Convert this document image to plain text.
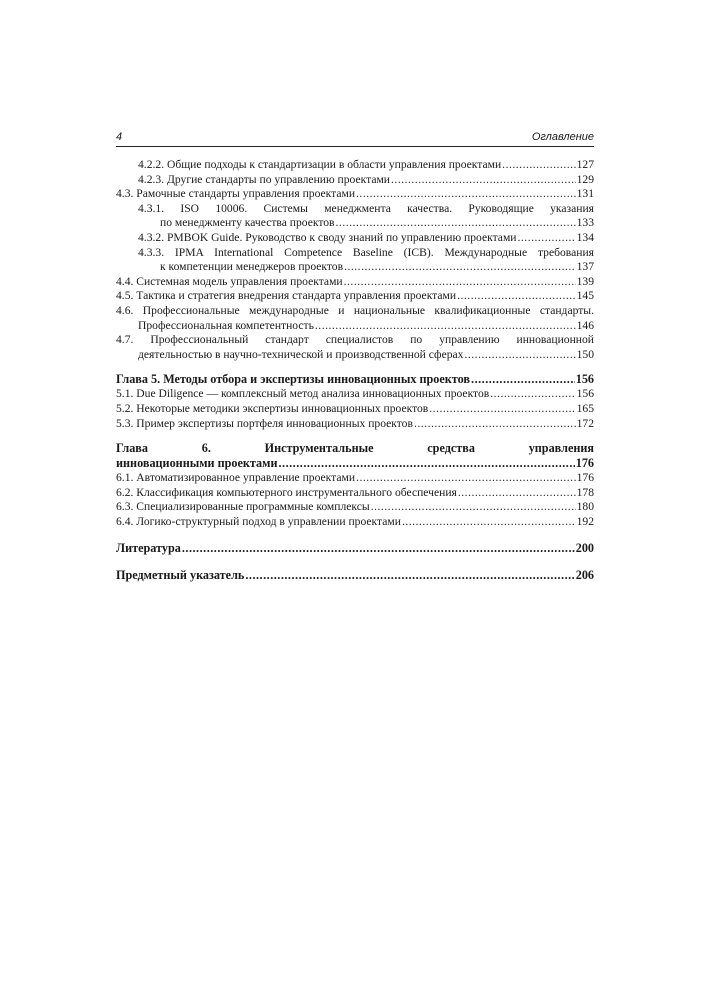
4	Оглавление
4.2.2. Общие подходы к стандартизации в области управления проектами .....	127
4.2.3. Другие стандарты по управлению проектами .....	129
4.3. Рамочные стандарты управления проектами .....	131
4.3.1. ISO 10006. Системы менеджмента качества. Руководящие указания
по менеджменту качества проектов .....	133
4.3.2. PMBOK Guide. Руководство к своду знаний по управлению проектами .....	134
4.3.3. IPMA International Competence Baseline (ICB). Международные требования
к компетенции менеджеров проектов .....	137
4.4. Системная модель управления проектами .....	139
4.5. Тактика и стратегия внедрения стандарта управления проектами .....	145
4.6. Профессиональные международные и национальные квалификационные стандарты.
Профессиональная компетентность .....	146
4.7. Профессиональный стандарт специалистов по управлению инновационной
деятельностью в научно-технической и производственной сферах .....	150
Глава 5. Методы отбора и экспертизы инновационных проектов .....	156
5.1. Due Diligence — комплексный метод анализа инновационных проектов .....	156
5.2. Некоторые методики экспертизы инновационных проектов .....	165
5.3. Пример экспертизы портфеля инновационных проектов .....	172
Глава 6. Инструментальные средства управления
инновационными проектами .....	176
6.1. Автоматизированное управление проектами .....	176
6.2. Классификация компьютерного инструментального обеспечения .....	178
6.3. Специализированные программные комплексы .....	180
6.4. Логико-структурный подход в управлении проектами .....	192
Литература .....	200
Предметный указатель .....	206
